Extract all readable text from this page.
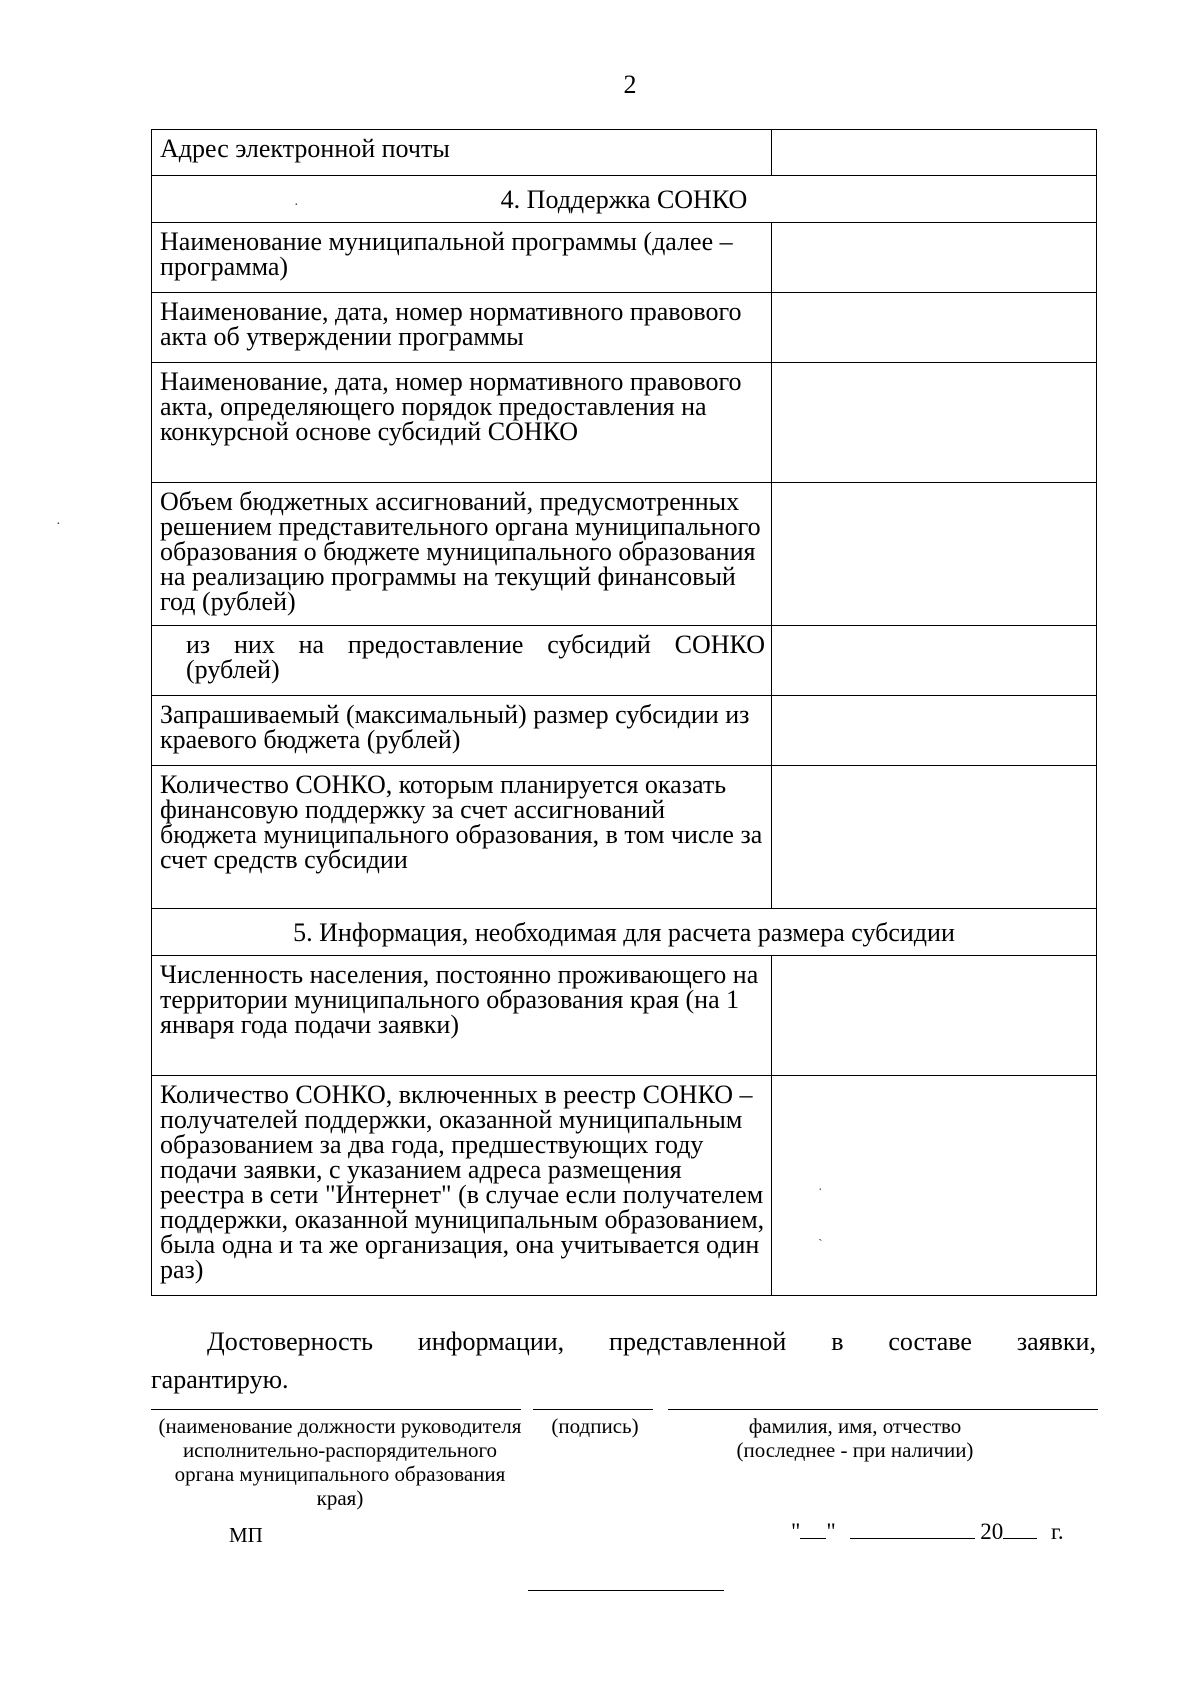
2
Адрес электронной почты	
4. Поддержка СОНКО	
Наименование муниципальной программы (далее – программа)	
Наименование, дата, номер нормативного правового акта об утверждении программы	
Наименование, дата, номер нормативного правового акта, определяющего порядок предоставления на конкурсной основе субсидий СОНКО	
Объем бюджетных ассигнований, предусмотренных решением представительного органа муниципального образования о бюджете муниципального образования на реализацию программы на текущий финансовый год (рублей)	
из них на предоставление субсидий СОНКО (рублей)	
Запрашиваемый (максимальный) размер субсидии из краевого бюджета (рублей)	
Количество СОНКО, которым планируется оказать финансовую поддержку за счет ассигнований бюджета муниципального образования, в том числе за счет средств субсидии	
5. Информация, необходимая для расчета размера субсидии	
Численность населения, постоянно проживающего на территории муниципального образования края (на 1 января года подачи заявки)	
Количество СОНКО, включенных в реестр СОНКО – получателей поддержки, оказанной муниципальным образованием за два года, предшествующих году подачи заявки, с указанием адреса размещения реестра в сети "Интернет" (в случае если получателем поддержки, оказанной муниципальным образованием, была одна и та же организация, она учитывается один раз)	·
ˏ
·
·
Достоверность информации, представленной в составе заявки,
гарантирую.
(наименование должности руководителя исполнительно-распорядительного органа муниципального образования края)
(подпись)	фамилия, имя, отчество (последнее - при наличии)
МП	" "	20 г.
